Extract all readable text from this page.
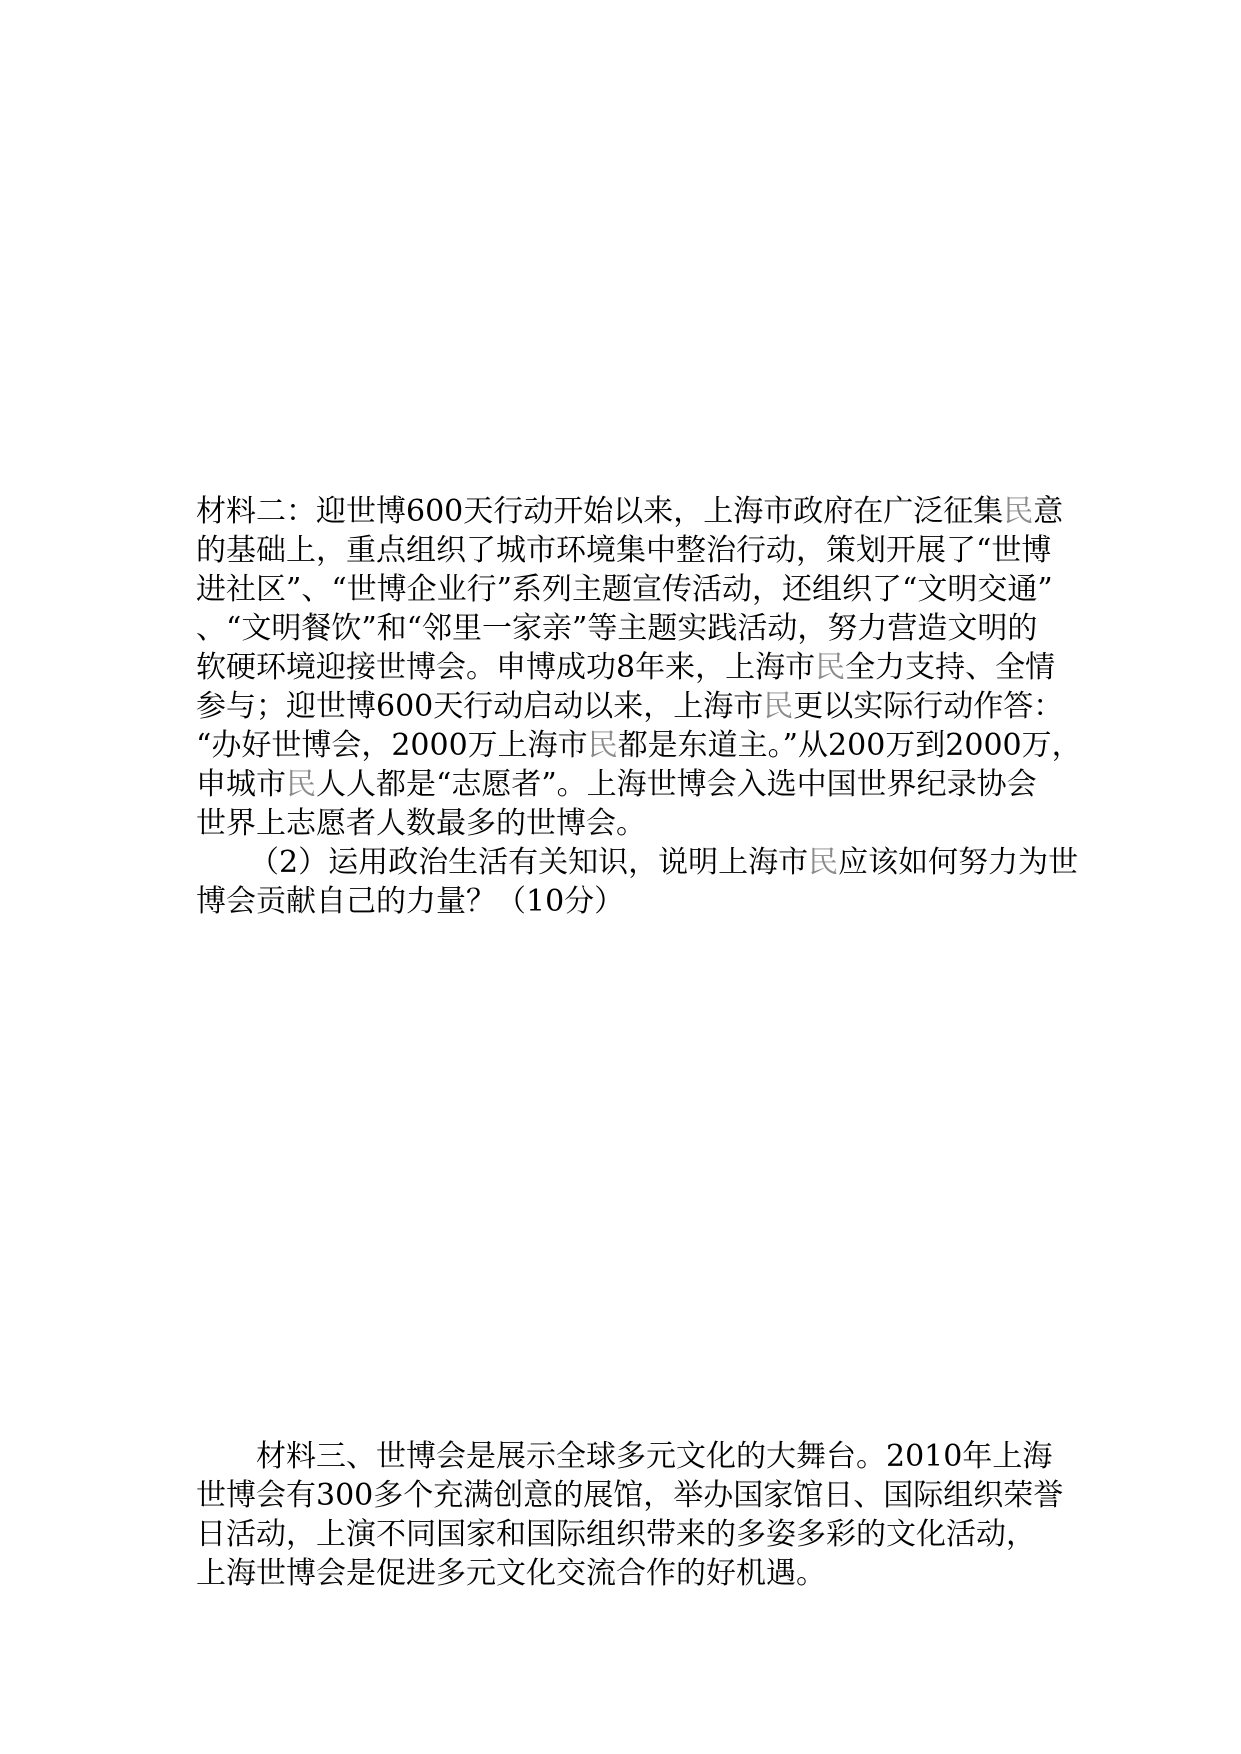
材料二：迎世博600天行动开始以来，上海市政府在广泛征集民意
的基础上，重点组织了城市环境集中整治行动，策划开展了“世博
进社区”、“世博企业行”系列主题宣传活动，还组织了“文明交通”
、“文明餐饮”和“邻里一家亲”等主题实践活动，努力营造文明的
软硬环境迎接世博会。申博成功8年来，上海市民全力支持、全情
参与；迎世博600天行动启动以来，上海市民更以实际行动作答：
“办好世博会，2000万上海市民都是东道主。”从200万到2000万，
申城市民人人都是“志愿者”。上海世博会入选中国世界纪录协会
世界上志愿者人数最多的世博会。
（2）运用政治生活有关知识，说明上海市民应该如何努力为世
博会贡献自己的力量？（10分）
材料三、世博会是展示全球多元文化的大舞台。2010年上海
世博会有300多个充满创意的展馆，举办国家馆日、国际组织荣誉
日活动，上演不同国家和国际组织带来的多姿多彩的文化活动，
上海世博会是促进多元文化交流合作的好机遇。
